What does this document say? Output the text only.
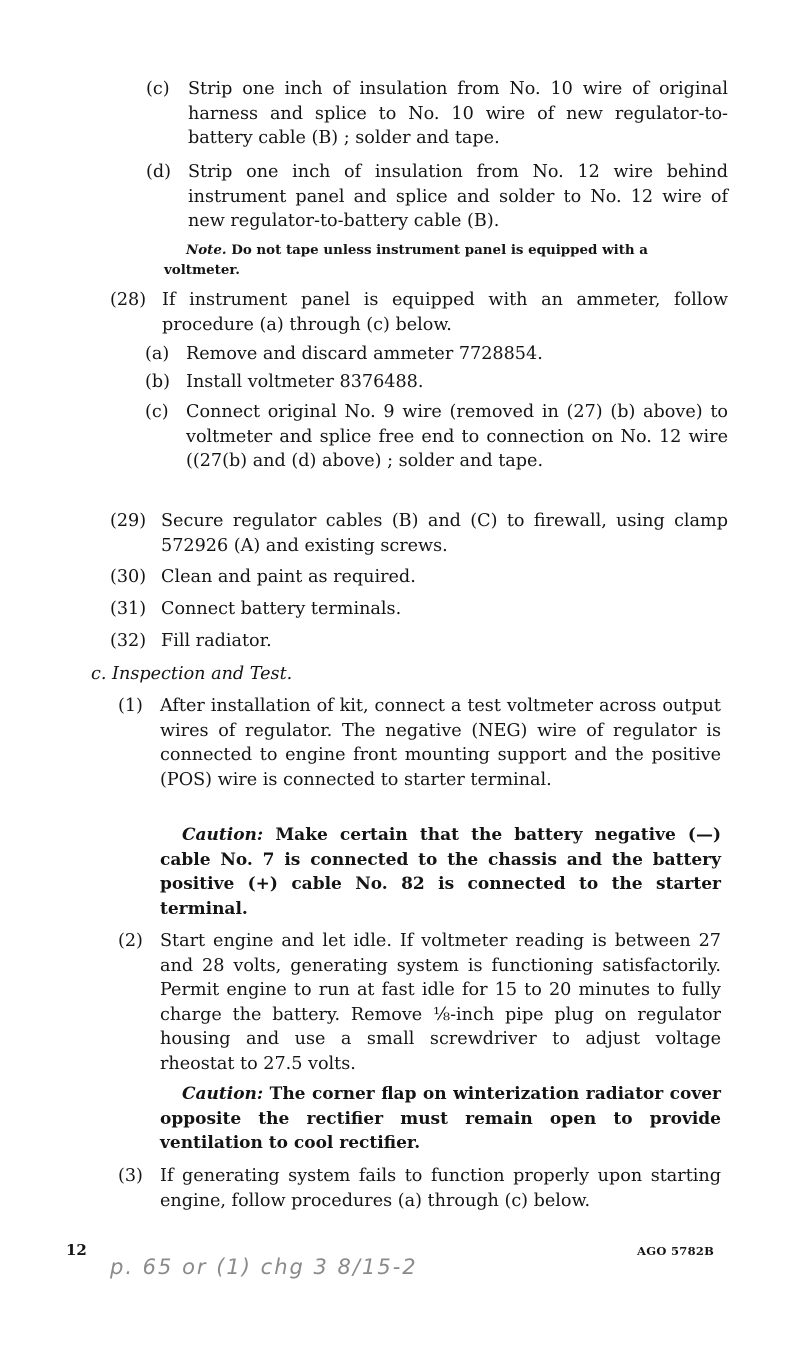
(c)	Strip one inch of insulation from No. 10 wire of original harness and splice to No. 10 wire of new regulator-to-battery cable (B) ; solder and tape.
(d) Strip one inch of insulation from No. 12 wire behind instrument panel and splice and solder to No. 12 wire of new regulator-to-battery cable (B).
Note. Do not tape unless instrument panel is equipped with a voltmeter.
(28) If instrument panel is equipped with an ammeter, follow procedure (a) through (c) below.
(a) Remove and discard ammeter 7728854.
(b) Install voltmeter 8376488.
(c) Connect original No. 9 wire (removed in (27) (b) above) to voltmeter and splice free end to connection on No. 12 wire ((27(b) and (d) above) ; solder and tape.
(29) Secure regulator cables (B) and (C) to firewall, using clamp 572926 (A) and existing screws.
(30) Clean and paint as required.
(31) Connect battery terminals.
(32) Fill radiator.
c. Inspection and Test.
(1) After installation of kit, connect a test voltmeter across output wires of regulator. The negative (NEG) wire of regulator is connected to engine front mounting support and the positive (POS) wire is connected to starter terminal.
Caution: Make certain that the battery negative (—) cable No. 7 is connected to the chassis and the battery positive (+) cable No. 82 is connected to the starter terminal.
(2) Start engine and let idle. If voltmeter reading is between 27 and 28 volts, generating system is functioning satisfactorily. Permit engine to run at fast idle for 15 to 20 minutes to fully charge the battery. Remove ⅛-inch pipe plug on regulator housing and use a small screwdriver to adjust voltage rheostat to 27.5 volts.
Caution: The corner flap on winterization radiator cover opposite the rectifier must remain open to provide ventilation to cool rectifier.
(3) If generating system fails to function properly upon starting engine, follow procedures (a) through (c) below.
12	AGO 5782B
p. 65 or (1) chg 3 8/15-2
